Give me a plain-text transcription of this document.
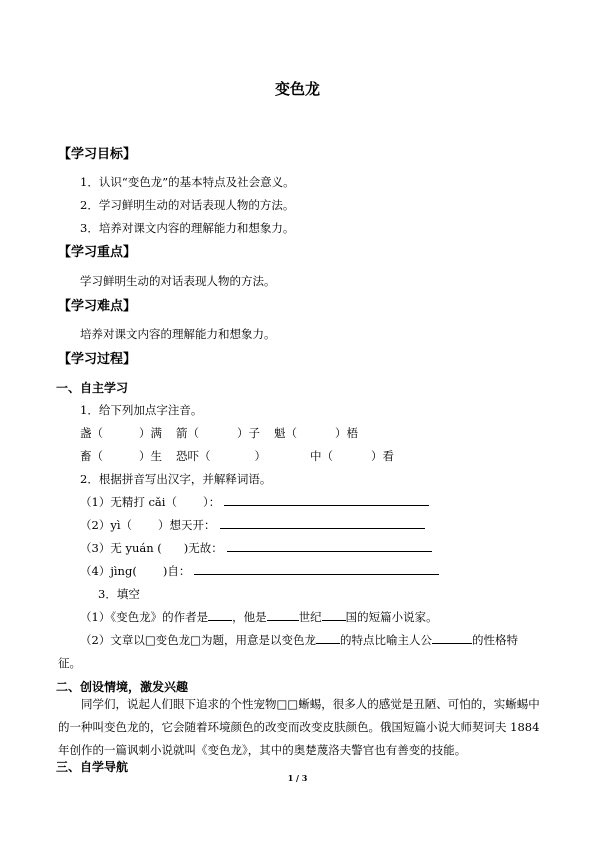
变色龙
【学习目标】
1．认识“变色龙”的基本特点及社会意义。
2．学习鲜明生动的对话表现人物的方法。
3．培养对课文内容的理解能力和想象力。
【学习重点】
学习鲜明生动的对话表现人物的方法。
【学习难点】
培养对课文内容的理解能力和想象力。
【学习过程】
一、自主学习
1．给下列加点字注音。
盏（	）满 箭（	）子 魁（	）梧
畜（	）生 恐吓（	）	中（	）看
2．根据拼音写出汉字，并解释词语。
（1）无精打 cǎi（ ）：
（2）yì（ ）想天开：
（3）无 yuán ( )无故：
（4）jìng( )自：
3．填空
（1）《变色龙》的作者是 ，他是	世纪 国的短篇小说家。
（2）文章以□变色龙□为题，用意是以变色龙 的特点比喻主人公	的性格特
征。
二、创设情境，激发兴趣
同学们，说起人们眼下追求的个性宠物□□蜥蜴，很多人的感觉是丑陋、可怕的，实蜥蜴中的一种叫变色龙的，它会随着环境颜色的改变而改变皮肤颜色。俄国短篇小说大师契诃夫 1884 年创作的一篇讽刺小说就叫《变色龙》，其中的奥楚蔑洛夫警官也有善变的技能。
三、自学导航
1 / 3
